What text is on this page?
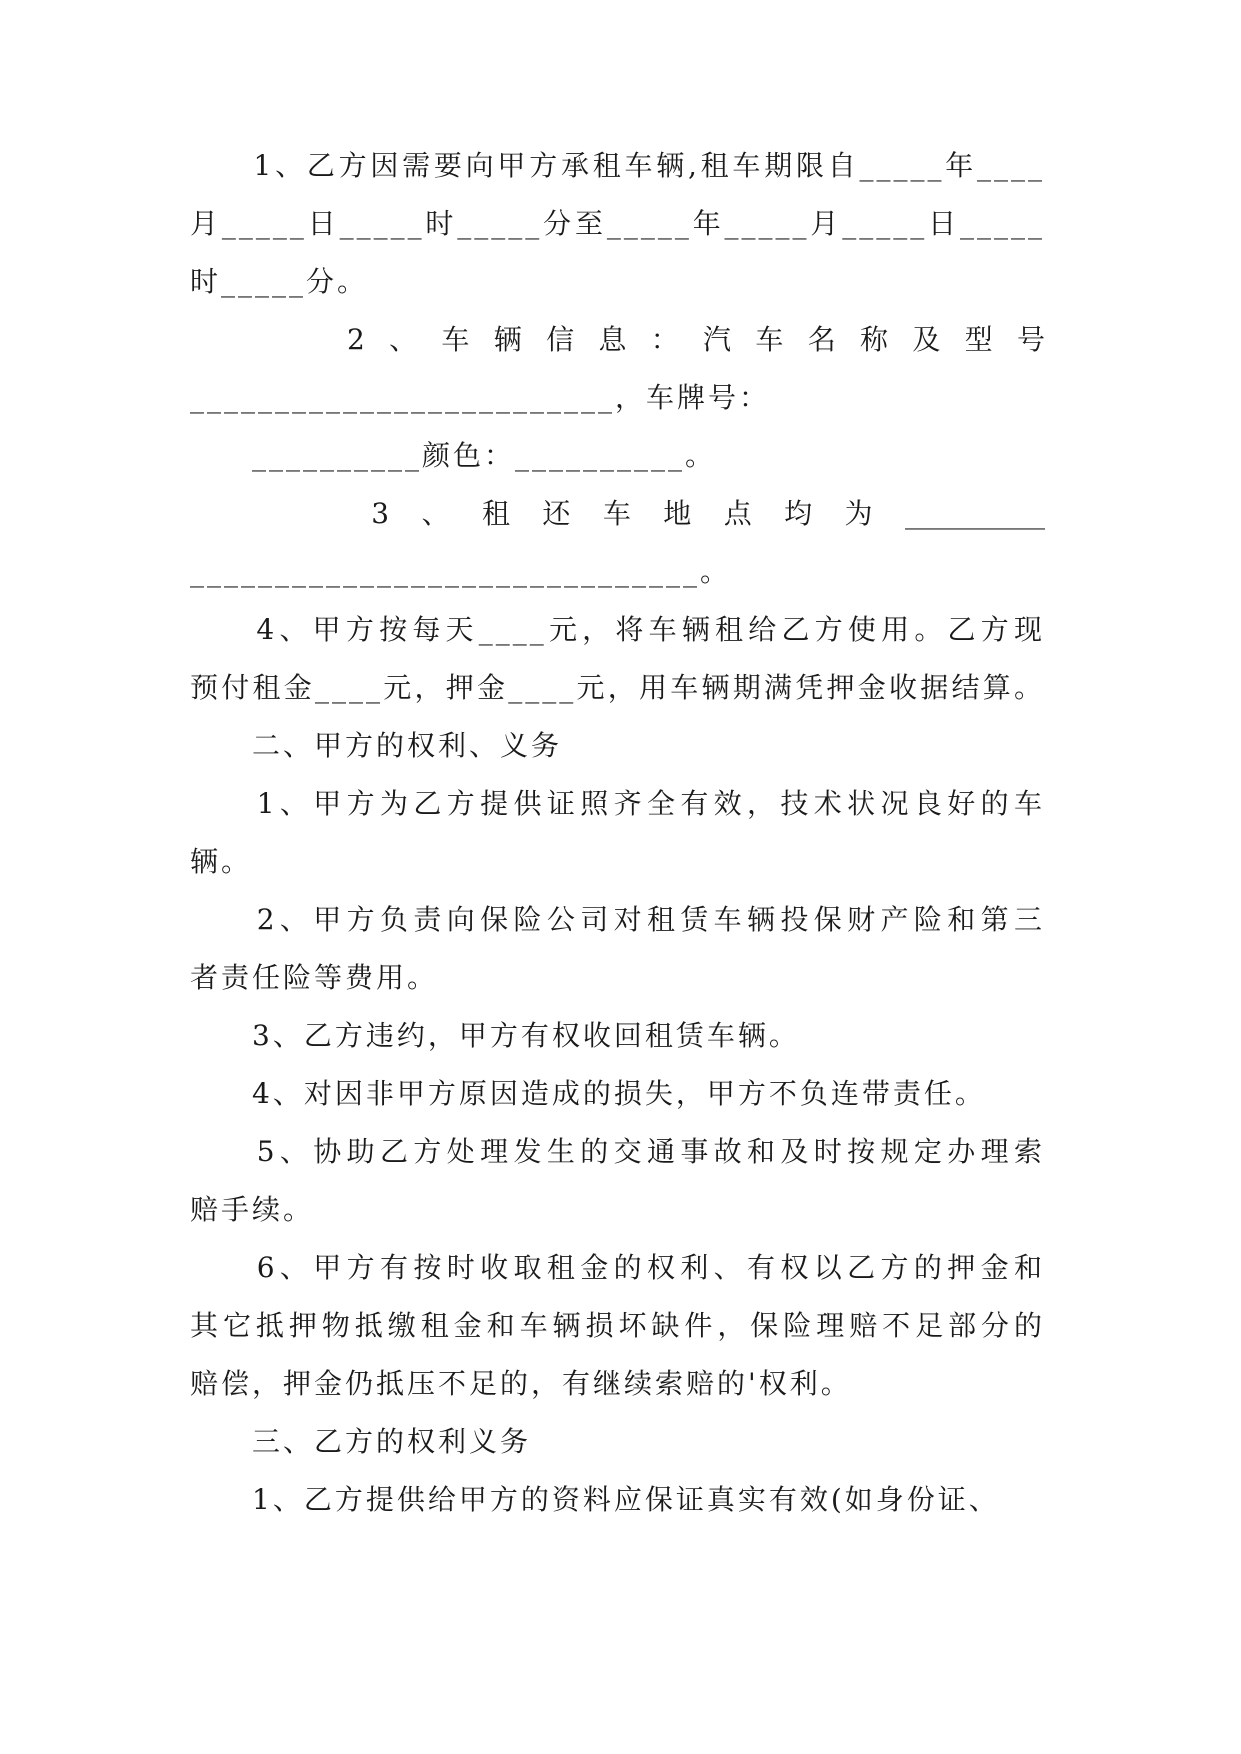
　　1、乙方因需要向甲方承租车辆,租车期限自_____年____
月_____日_____时_____分至_____年_____月_____日_____
时_____分。
　　　2、车辆信息：汽车名称及型号
_________________________，车牌号：
　　__________颜色：__________。
　　　3、租还车地点均为__________
______________________________。
　　4、甲方按每天____元，将车辆租给乙方使用。乙方现
预付租金____元，押金____元，用车辆期满凭押金收据结算。
　　二、甲方的权利、义务
　　1、甲方为乙方提供证照齐全有效，技术状况良好的车
辆。
　　2、甲方负责向保险公司对租赁车辆投保财产险和第三
者责任险等费用。
　　3、乙方违约，甲方有权收回租赁车辆。
　　4、对因非甲方原因造成的损失，甲方不负连带责任。
　　5、协助乙方处理发生的交通事故和及时按规定办理索
赔手续。
　　6、甲方有按时收取租金的权利、有权以乙方的押金和
其它抵押物抵缴租金和车辆损坏缺件，保险理赔不足部分的
赔偿，押金仍抵压不足的，有继续索赔的'权利。
　　三、乙方的权利义务
　　1、乙方提供给甲方的资料应保证真实有效(如身份证、
